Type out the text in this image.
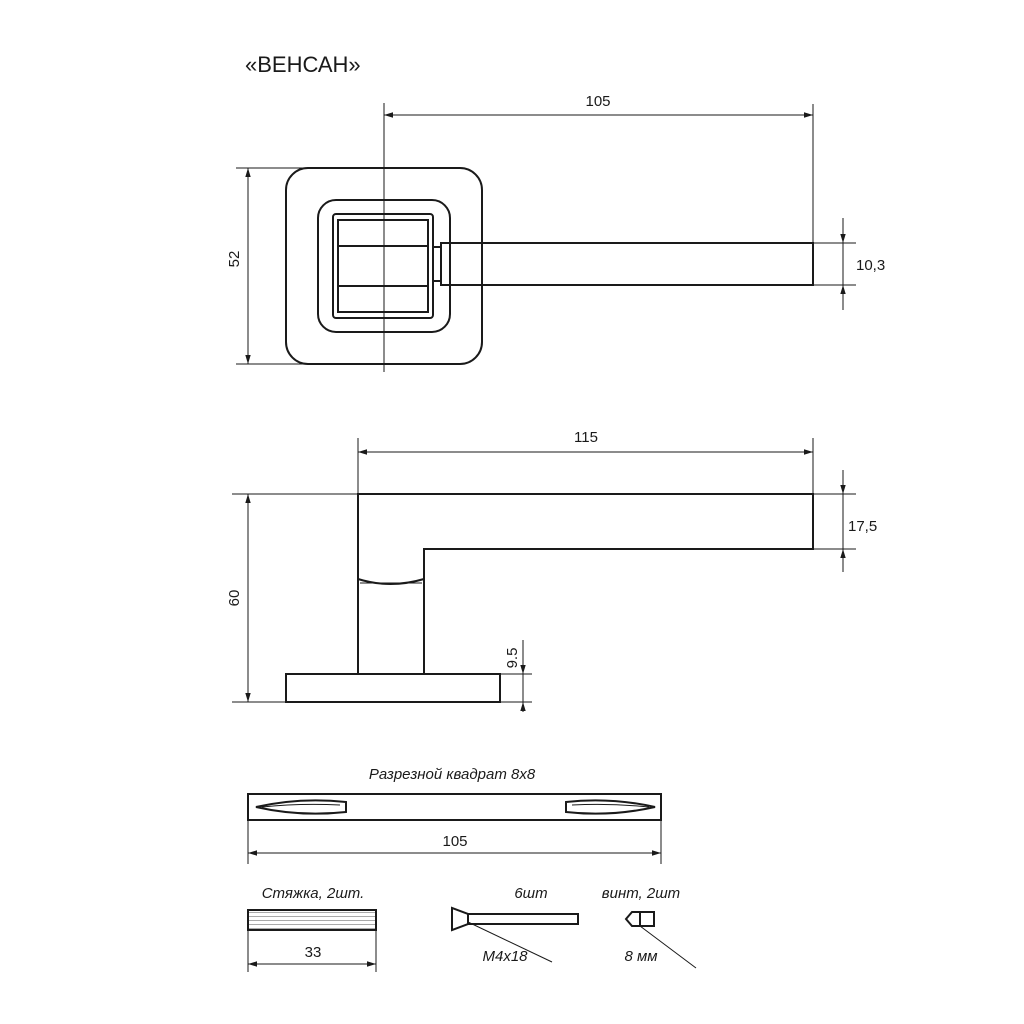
«ВЕНСАН»
105
52	10,3
115
60
17,5
9.5
Разрезной квадрат 8х8
105
Стяжка, 2шт.
33
6шт
М4х18
винт, 2шт
8 мм
